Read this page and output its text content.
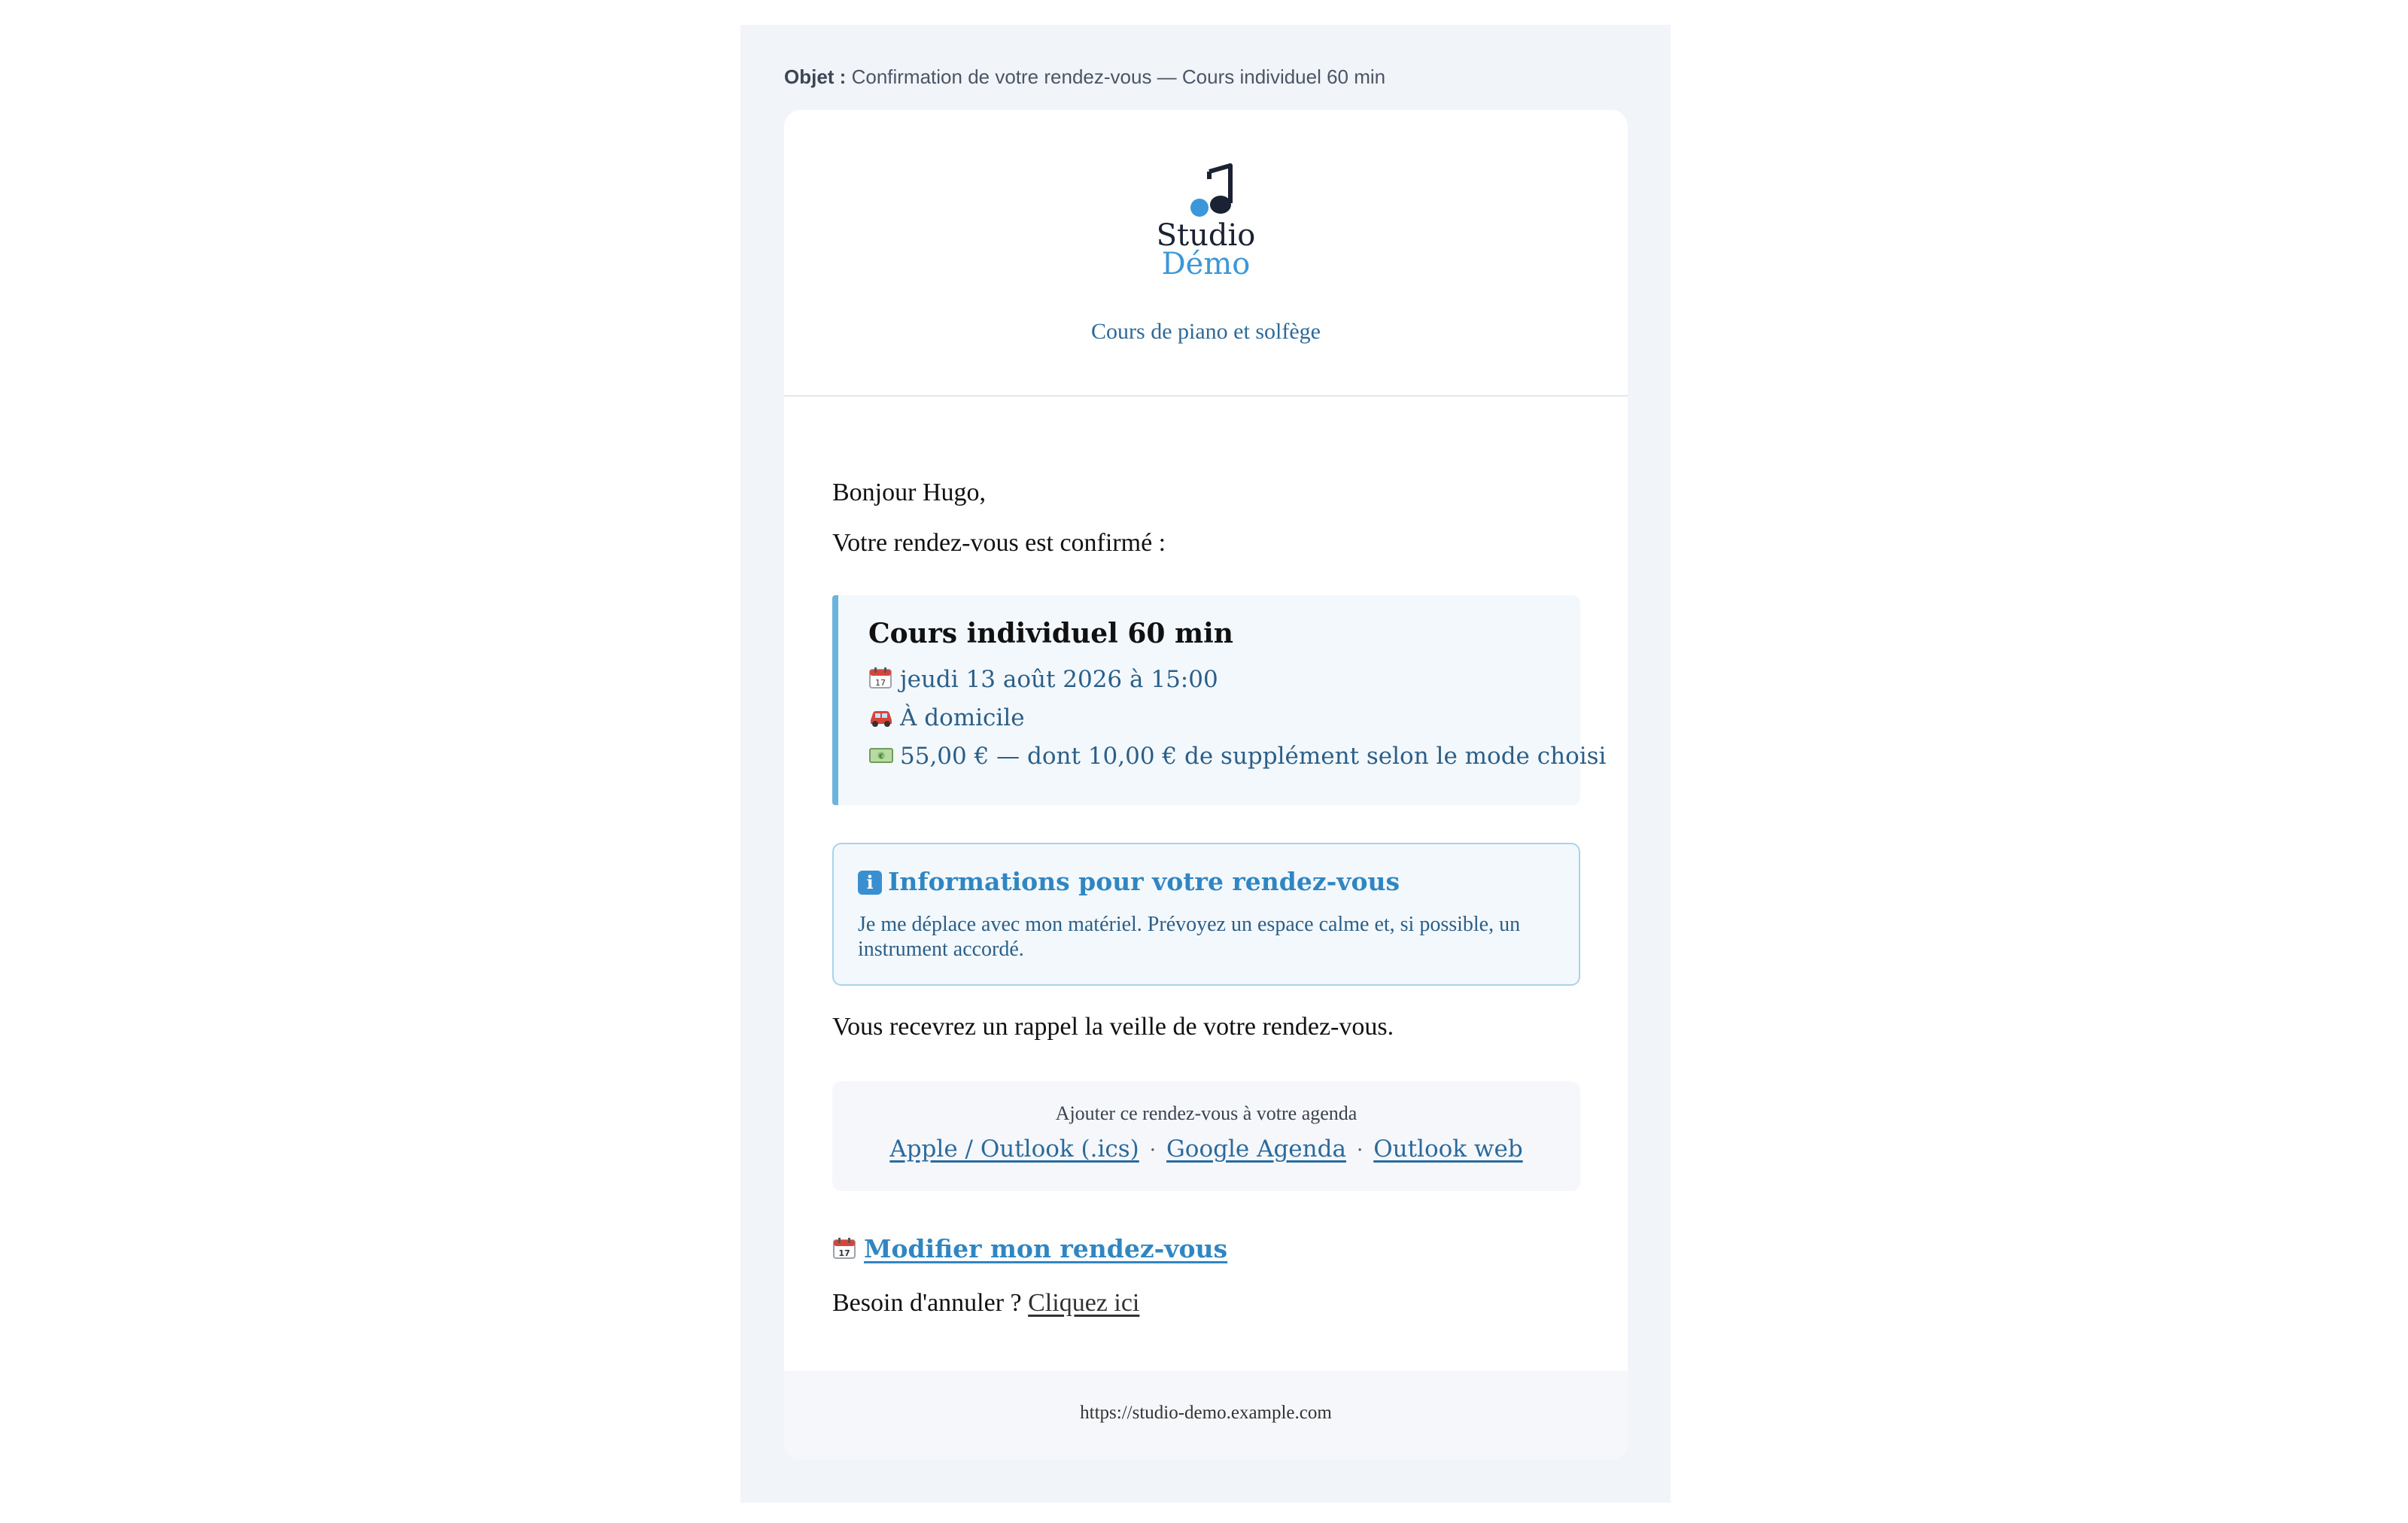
Objet : Confirmation de votre rendez-vous — Cours individuel 60 min
Studio
Démo
Cours de piano et solfège
Bonjour Hugo,
Votre rendez-vous est confirmé :
Cours individuel 60 min
17 jeudi 13 août 2026 à 15:00
À domicile
€ 55,00 € — dont 10,00 € de supplément selon le mode choisi
i Informations pour votre rendez-vous
Je me déplace avec mon matériel. Prévoyez un espace calme et, si possible, un instrument accordé.
Vous recevrez un rappel la veille de votre rendez-vous.
Ajouter ce rendez-vous à votre agenda
Apple / Outlook (.ics) · Google Agenda · Outlook web
17 Modifier mon rendez-vous
Besoin d'annuler ? Cliquez ici
https://studio-demo.example.com
